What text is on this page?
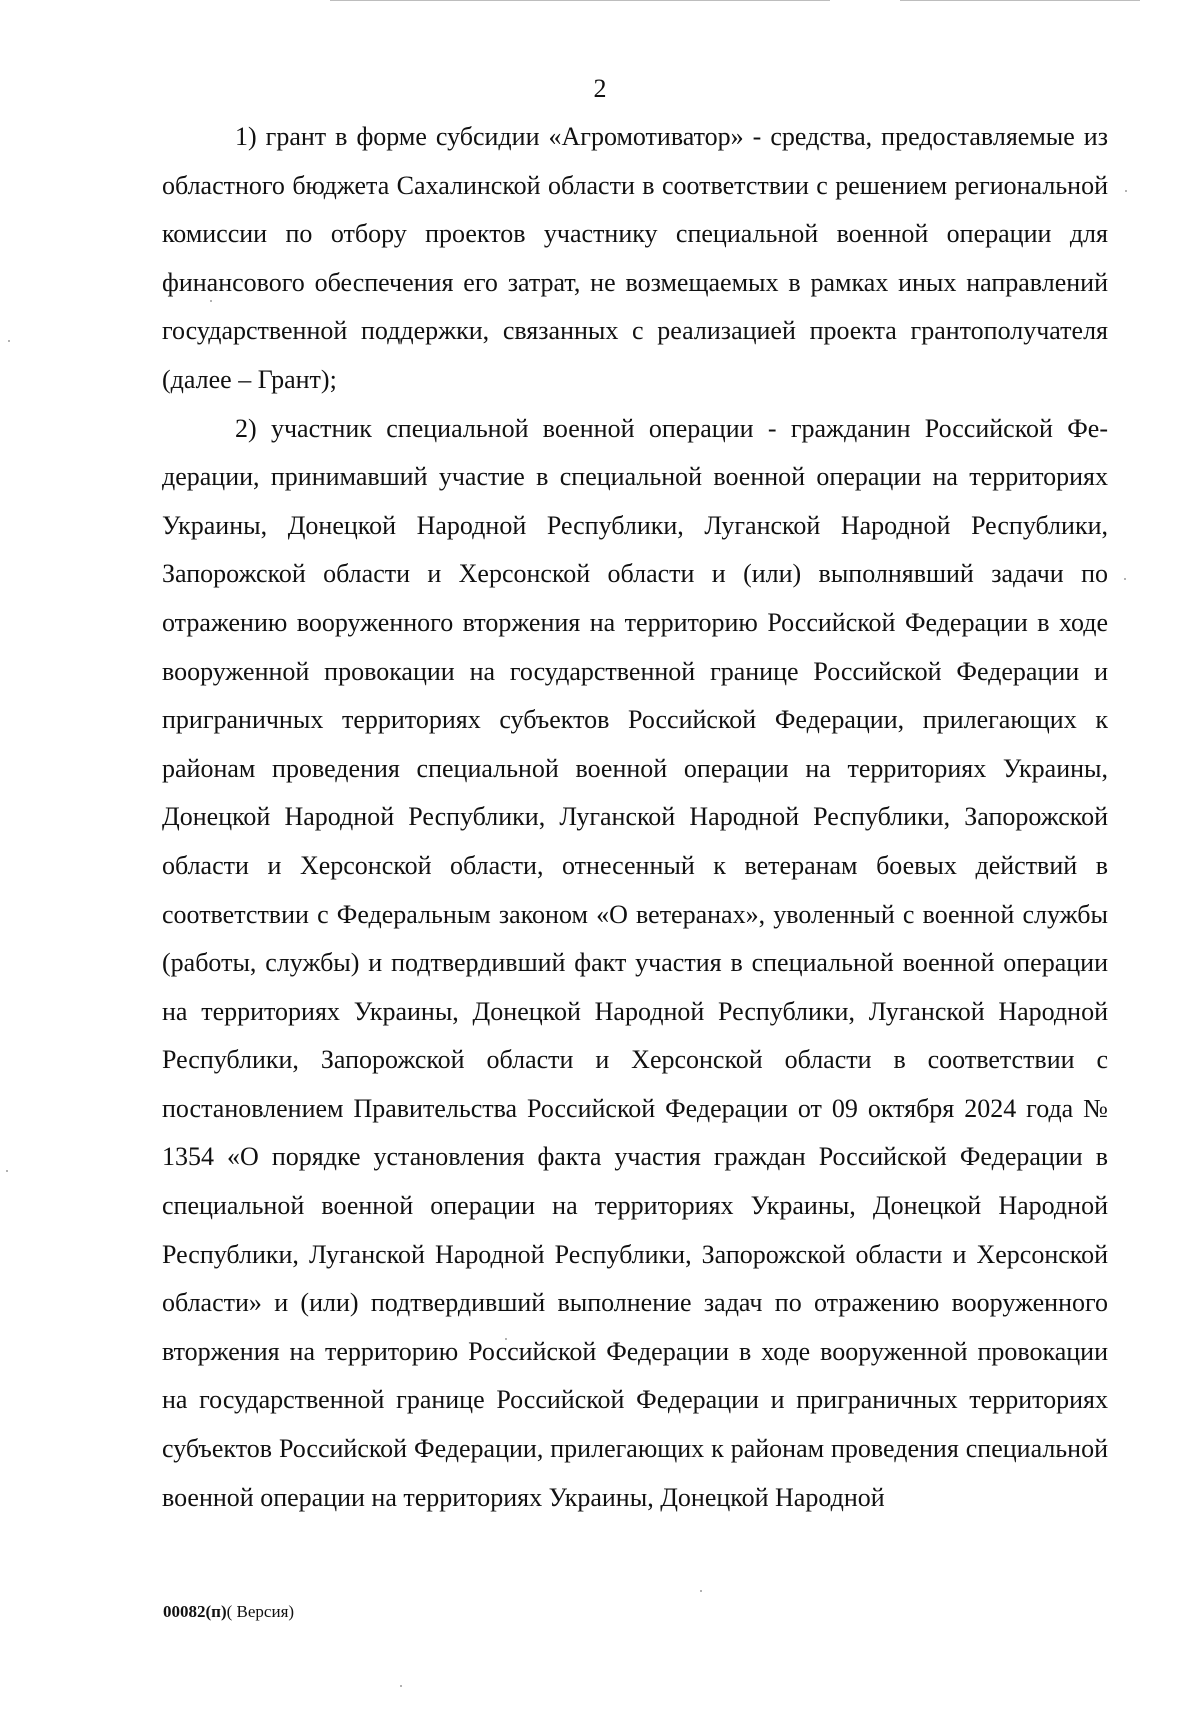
2

1) грант в форме субсидии «Агромотиватор» - средства, предоставляемые из областного бюджета Сахалинской области в соответствии с решением региональной комиссии по отбору проектов участнику специальной военной операции для финансового обеспечения его затрат, не возмещаемых в рамках иных направлений государственной поддержки, связанных с реализацией проекта грантополучателя (далее – Грант);

2) участник специальной военной операции - гражданин Российской Федерации, принимавший участие в специальной военной операции на территориях Украины, Донецкой Народной Республики, Луганской Народной Республики, Запорожской области и Херсонской области и (или) выполнявший задачи по отражению вооруженного вторжения на территорию Российской Федерации в ходе вооруженной провокации на государственной границе Российской Федерации и приграничных территориях субъектов Российской Федерации, прилегающих к районам проведения специальной военной операции на территориях Украины, Донецкой Народной Республики, Луганской Народной Республики, Запорожской области и Херсонской области, отнесенный к ветеранам боевых действий в соответствии с Федеральным законом «О ветеранах», уволенный с военной службы (работы, службы) и подтвердивший факт участия в специальной военной операции на территориях Украины, Донецкой Народной Республики, Луганской Народной Республики, Запорожской области и Херсонской области в соответствии с постановлением Правительства Российской Федерации от 09 октября 2024 года № 1354 «О порядке установления факта участия граждан Российской Федерации в специальной военной операции на территориях Украины, Донецкой Народной Республики, Луганской Народной Республики, Запорожской области и Херсонской области» и (или) подтвердивший выполнение задач по отражению вооруженного вторжения на территорию Российской Федерации в ходе вооруженной провокации на государственной границе Российской Федерации и приграничных территориях субъектов Российской Федерации, прилегающих к районам проведения специальной военной операции на территориях Украины, Донецкой Народной

00082(п)( Версия)
